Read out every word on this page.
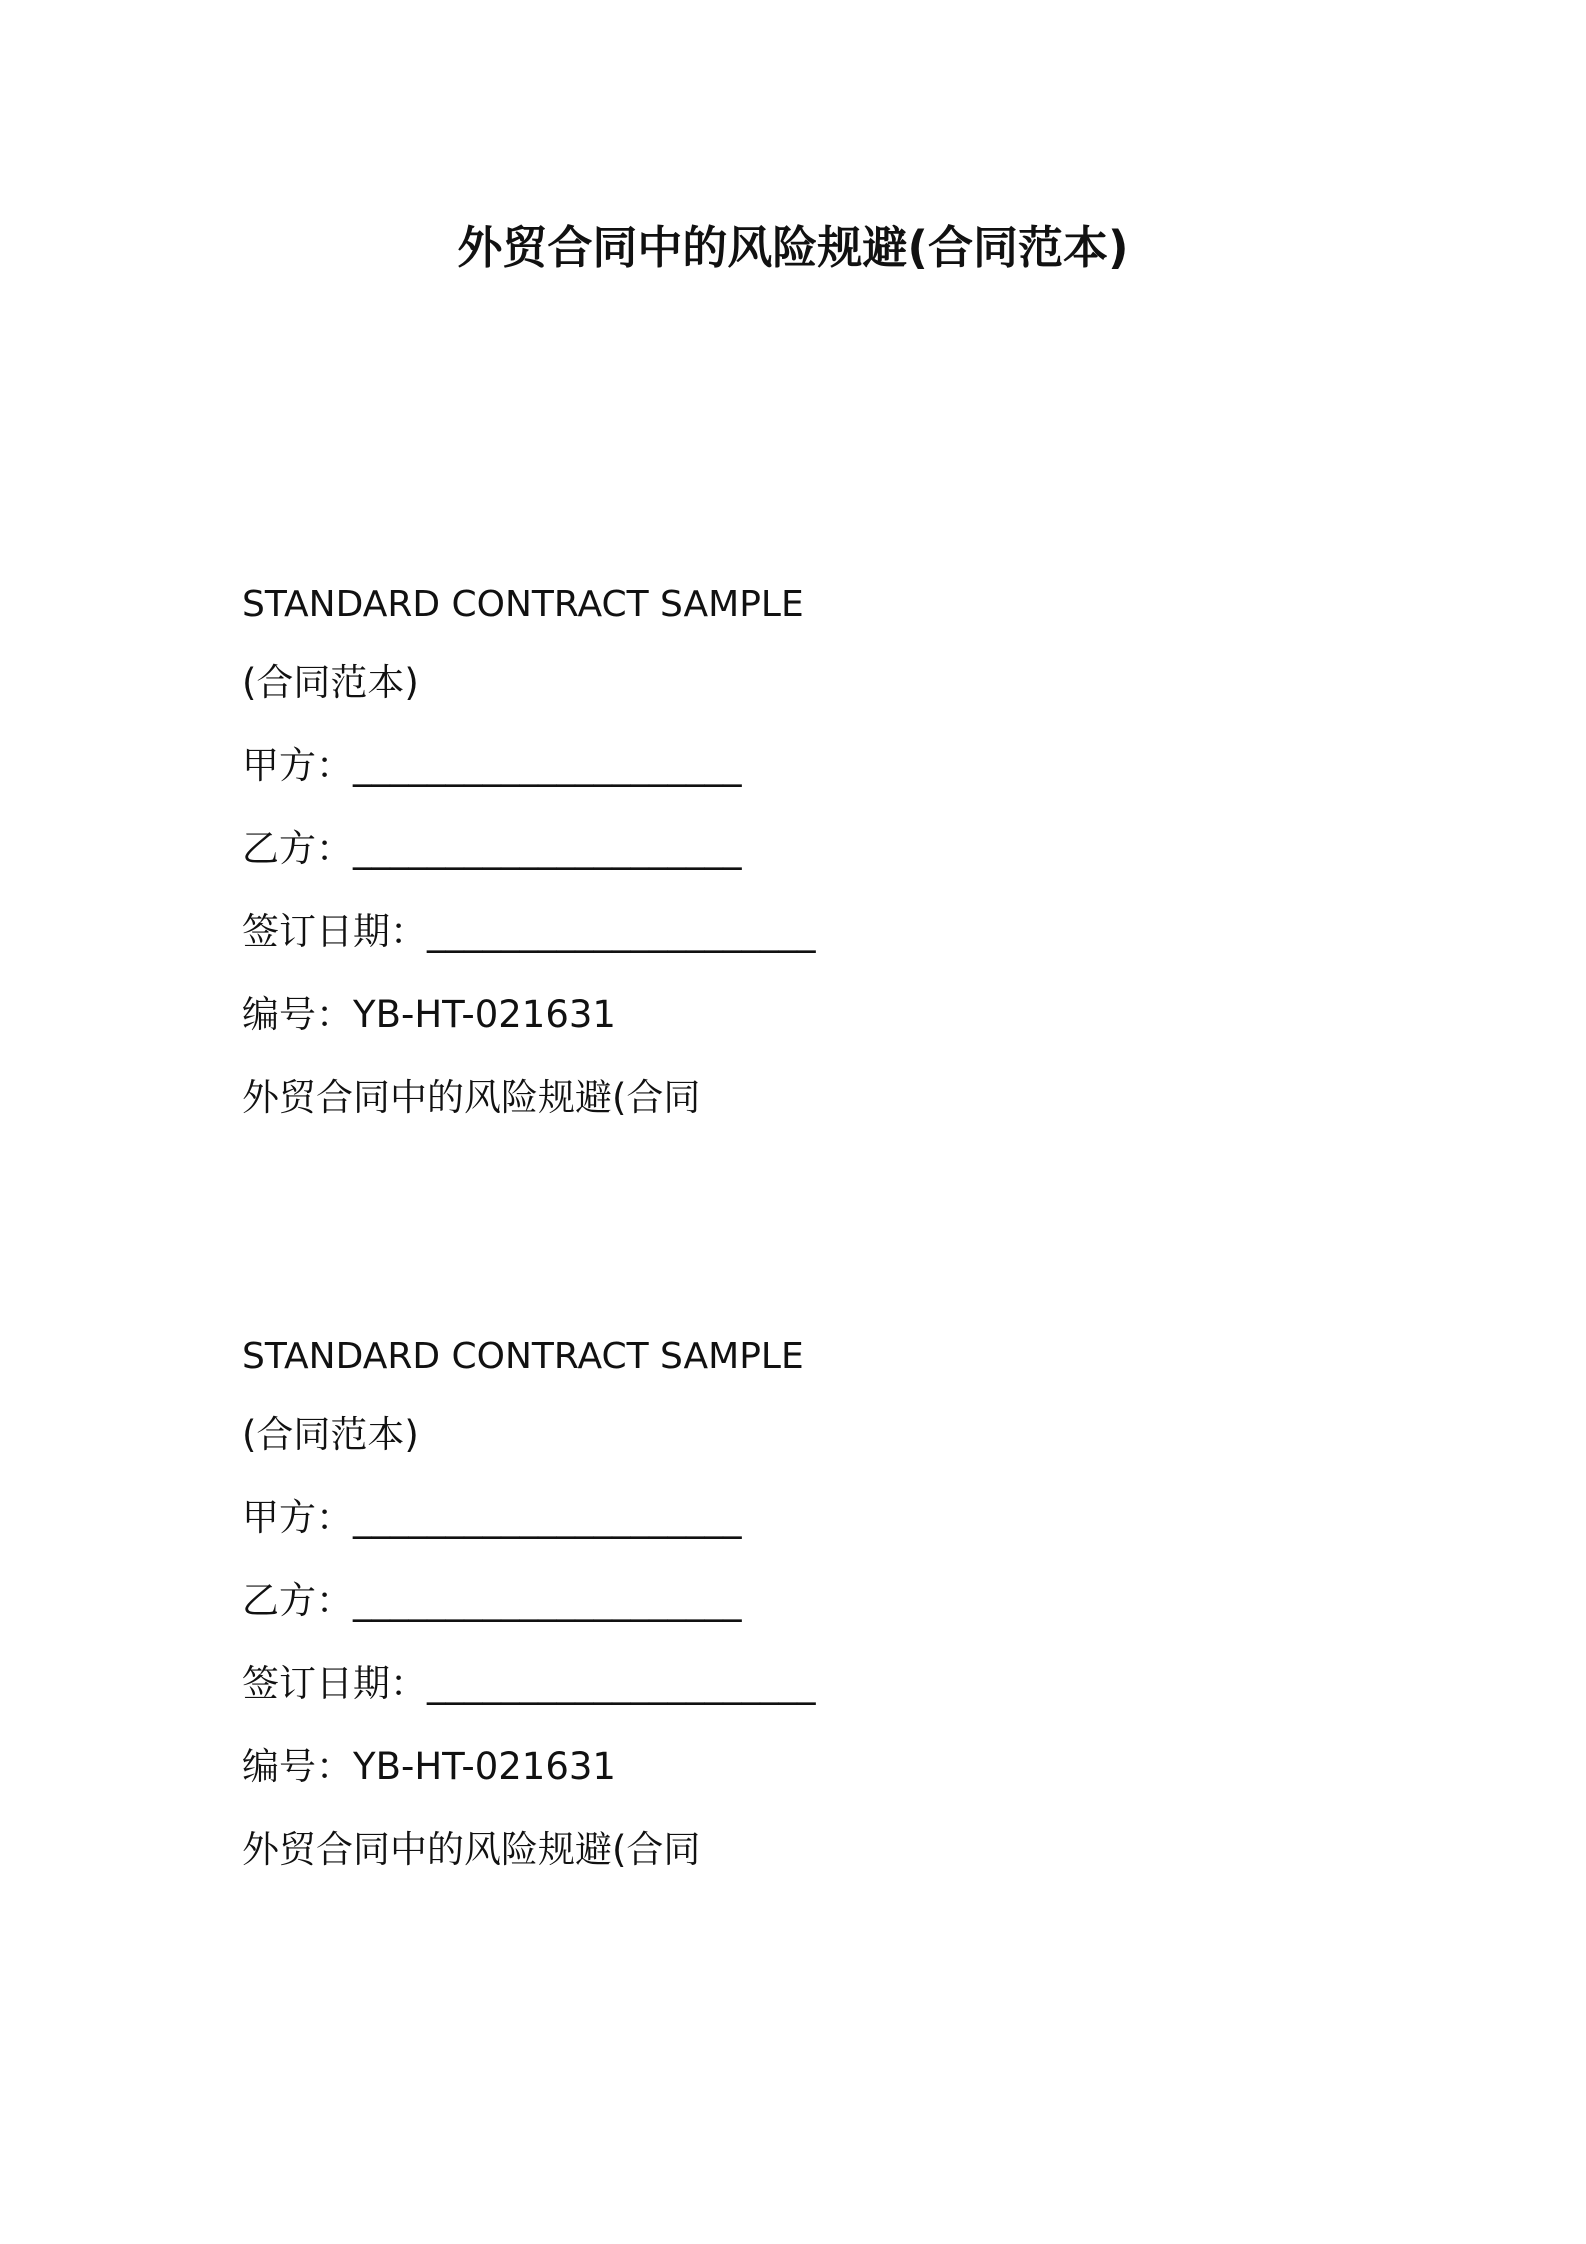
外贸合同中的风险规避(合同范本)
STANDARD CONTRACT SAMPLE
(合同范本)
甲方：_____________________
乙方：_____________________
签订日期：_____________________
编号：YB-HT-021631
外贸合同中的风险规避(合同
STANDARD CONTRACT SAMPLE
(合同范本)
甲方：_____________________
乙方：_____________________
签订日期：_____________________
编号：YB-HT-021631
外贸合同中的风险规避(合同
